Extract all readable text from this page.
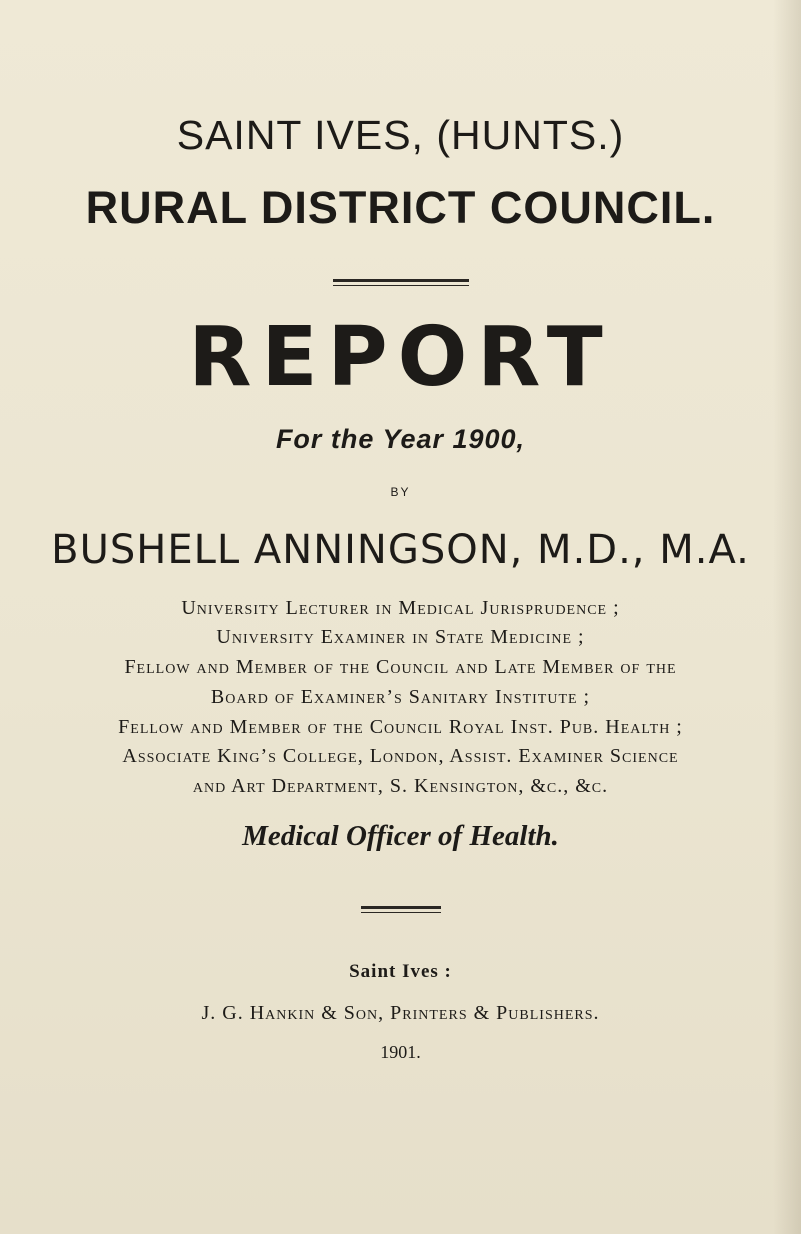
SAINT IVES, (HUNTS.)
RURAL DISTRICT COUNCIL.
REPORT
For the Year 1900,
BY
BUSHELL ANNINGSON, M.D., M.A.
University Lecturer in Medical Jurisprudence ;
University Examiner in State Medicine ;
Fellow and Member of the Council and Late Member of the
Board of Examiner’s Sanitary Institute ;
Fellow and Member of the Council Royal Inst. Pub. Health ;
Associate King’s College, London, Assist. Examiner Science
and Art Department, S. Kensington, &c., &c.
Medical Officer of Health.
Saint Ives :
J. G. Hankin & Son, Printers & Publishers.
1901.
